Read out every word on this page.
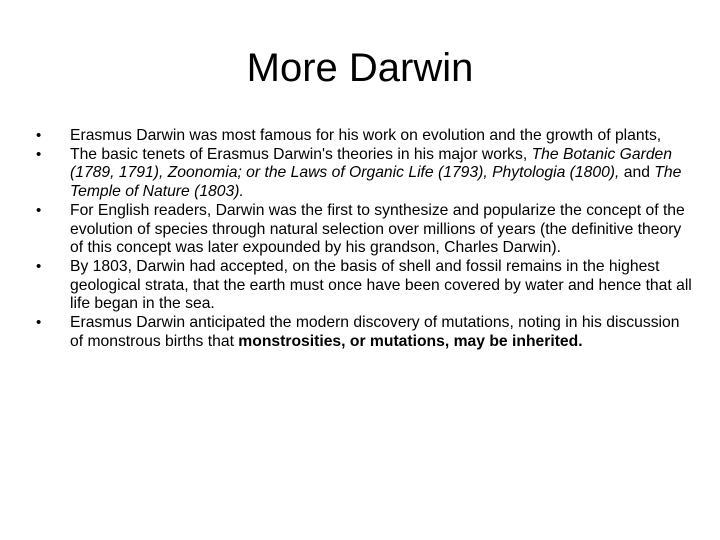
More Darwin
•	Erasmus Darwin was most famous for his work on evolution and the growth of plants,
•	The basic tenets of Erasmus Darwin's theories in his major works, The Botanic Garden (1789, 1791), Zoonomia; or the Laws of Organic Life (1793), Phytologia (1800), and The Temple of Nature (1803).
•	For English readers, Darwin was the first to synthesize and popularize the concept of the evolution of species through natural selection over millions of years (the definitive theory of this concept was later expounded by his grandson, Charles Darwin).
•	By 1803, Darwin had accepted, on the basis of shell and fossil remains in the highest geological strata, that the earth must once have been covered by water and hence that all life began in the sea.
•	Erasmus Darwin anticipated the modern discovery of mutations, noting in his discussion of monstrous births that monstrosities, or mutations, may be inherited.
